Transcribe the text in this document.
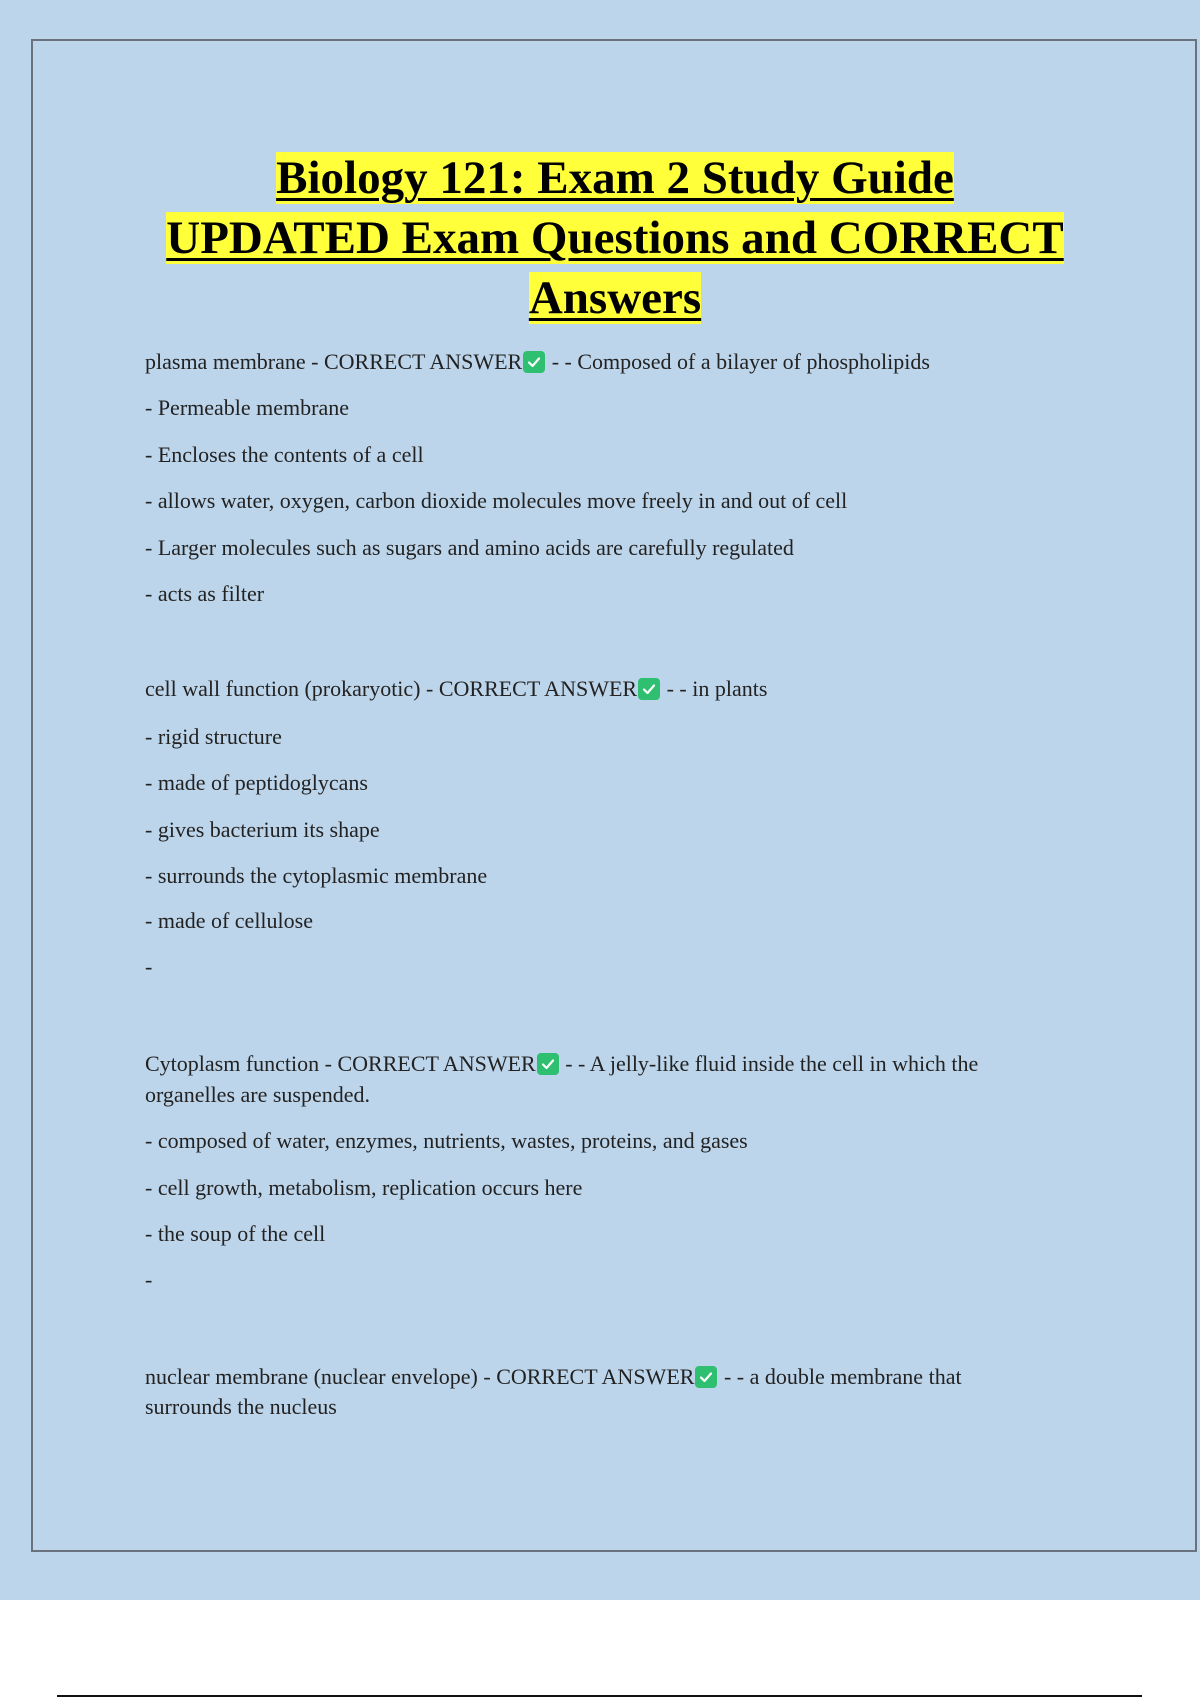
Biology 121: Exam 2 Study Guide
UPDATED Exam Questions and CORRECT
Answers
plasma membrane - CORRECT ANSWER
- - Composed of a bilayer of phospholipids
- Permeable membrane
- Encloses the contents of a cell
- allows water, oxygen, carbon dioxide molecules move freely in and out of cell
- Larger molecules such as sugars and amino acids are carefully regulated
- acts as filter
cell wall function (prokaryotic) - CORRECT ANSWER
- - in plants
- rigid structure
- made of peptidoglycans
- gives bacterium its shape
- surrounds the cytoplasmic membrane
- made of cellulose
-
Cytoplasm function - CORRECT ANSWER
- - A jelly-like fluid inside the cell in which the
organelles are suspended.
- composed of water, enzymes, nutrients, wastes, proteins, and gases
- cell growth, metabolism, replication occurs here
- the soup of the cell
-
nuclear membrane (nuclear envelope) - CORRECT ANSWER
- - a double membrane that
surrounds the nucleus
